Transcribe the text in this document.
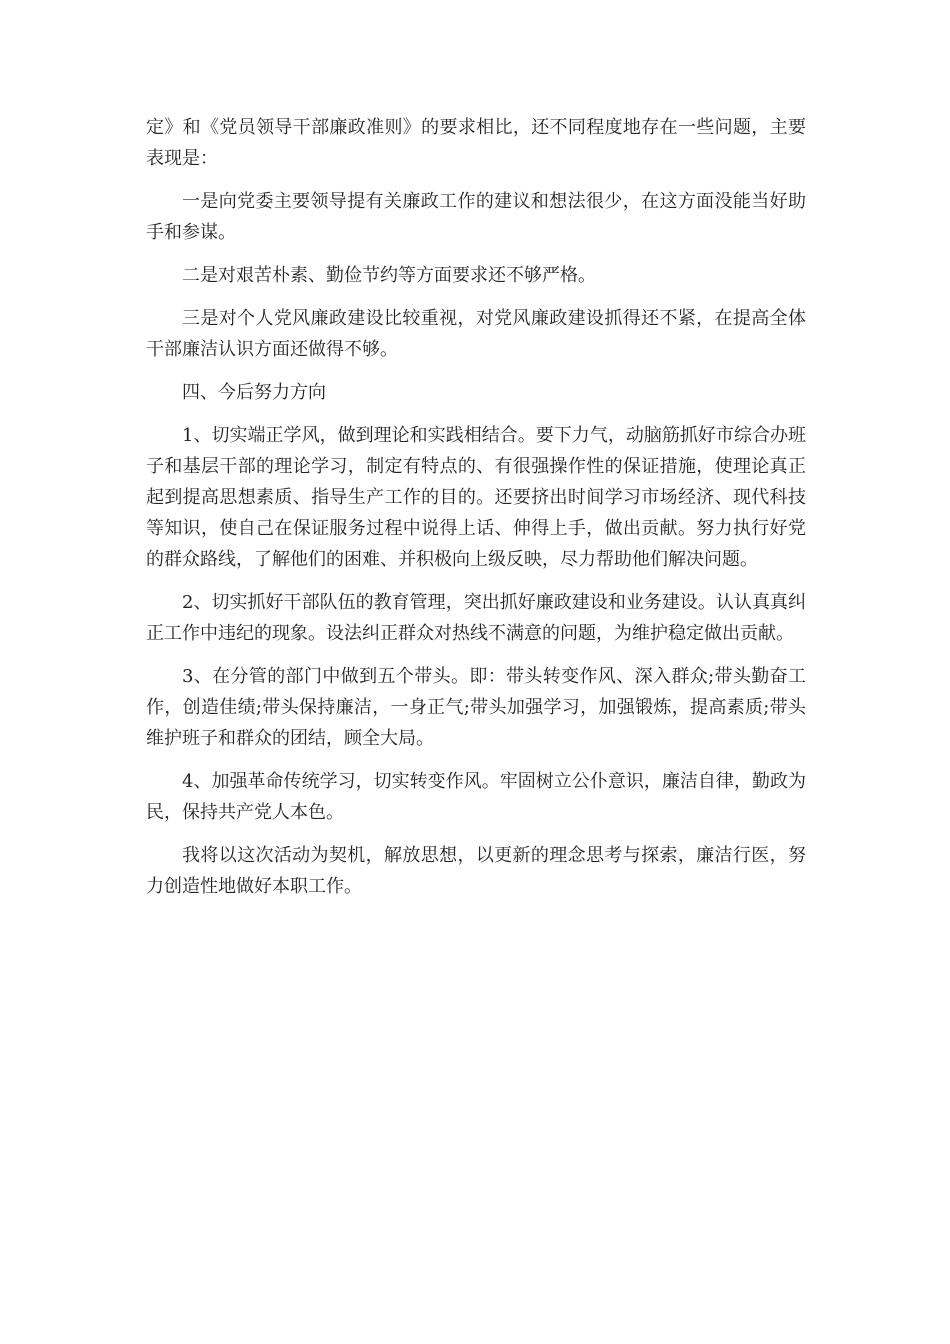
定》和《党员领导干部廉政准则》的要求相比，还不同程度地存在一些问题，主要表现是：

一是向党委主要领导提有关廉政工作的建议和想法很少，在这方面没能当好助手和参谋。

二是对艰苦朴素、勤俭节约等方面要求还不够严格。

三是对个人党风廉政建设比较重视，对党风廉政建设抓得还不紧，在提高全体干部廉洁认识方面还做得不够。

四、今后努力方向

1、切实端正学风，做到理论和实践相结合。要下力气，动脑筋抓好市综合办班子和基层干部的理论学习，制定有特点的、有很强操作性的保证措施，使理论真正起到提高思想素质、指导生产工作的目的。还要挤出时间学习市场经济、现代科技等知识，使自己在保证服务过程中说得上话、伸得上手，做出贡献。努力执行好党的群众路线，了解他们的困难、并积极向上级反映，尽力帮助他们解决问题。

2、切实抓好干部队伍的教育管理，突出抓好廉政建设和业务建设。认认真真纠正工作中违纪的现象。设法纠正群众对热线不满意的问题，为维护稳定做出贡献。

3、在分管的部门中做到五个带头。即：带头转变作风、深入群众;带头勤奋工作，创造佳绩;带头保持廉洁，一身正气;带头加强学习，加强锻炼，提高素质;带头维护班子和群众的团结，顾全大局。

4、加强革命传统学习，切实转变作风。牢固树立公仆意识，廉洁自律，勤政为民，保持共产党人本色。

我将以这次活动为契机，解放思想，以更新的理念思考与探索，廉洁行医，努力创造性地做好本职工作。
